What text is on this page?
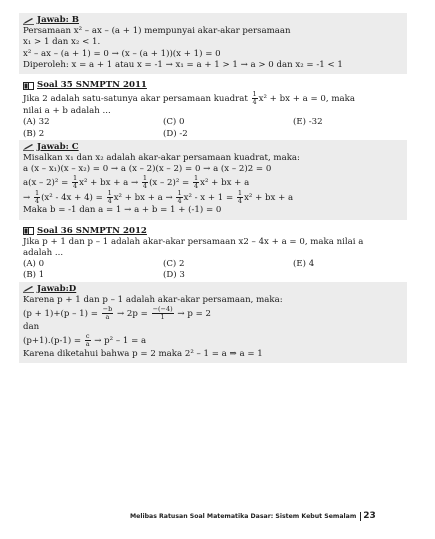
Jawab: B
Persamaan x² – ax – (a + 1) mempunyai akar-akar persamaan
x₁ > 1 dan x₂ < 1.
x² – ax – (a + 1) = 0 → (x – (a + 1))(x + 1) = 0
Diperoleh: x = a + 1 atau x = -1 → x₁ = a + 1 > 1 → a > 0 dan x₂ = -1 < 1
Soal 35 SNMPTN 2011
Jika 2 adalah satu-satunya akar persamaan kuadrat $\frac{1}{4} x^2$ + bx + a = 0, maka
nilai a + b adalah ...
(A) 32	(C) 0	(E) -32
(B) 2	(D) -2
Jawab: C
Misalkan x₁ dan x₂ adalah akar-akar persamaan kuadrat, maka:
a (x – x₁)(x – x₂) = 0 → a (x – 2)(x – 2) = 0 → a (x – 2)2 = 0
$a(x - 2)^2 = \frac{1}{4} x^2$ + bx + $a \to \frac{1}{4} (x - 2)^2 = \frac{1}{4} x^2$ + bx + a
→ $\frac{1}{4} (x^2 - 4x + 4) = \frac{1}{4} x^2$ + bx + $a \to \frac{1}{4} x^2 - x + 1 = \frac{1}{4} x^2$ + bx + a
Maka b = -1 dan a = 1 → a + b = 1 + (-1) = 0
Soal 36 SNMPTN 2012
Jika p + 1 dan p – 1 adalah akar-akar persamaan x2 – 4x + a = 0, maka nilai a
adalah ...
(A) 0	(C) 2	(E) 4
(B) 1	(D) 3
Jawab:D
Karena p + 1 dan p – 1 adalah akar-akar persamaan, maka:
$(p + 1)+(p - 1) = \frac{-b}{a} \to 2p = \frac{-(-4)}{1} \to p = 2$
dan
$(p+1).(p-1) = \frac{c}{a} \to p^2 - 1 = a$
Karena diketahui bahwa p = 2 maka 2² – 1 = a ⇒ a = 1
Melibas Ratusan Soal Matematika Dasar: Sistem Kebut Semalam 23
